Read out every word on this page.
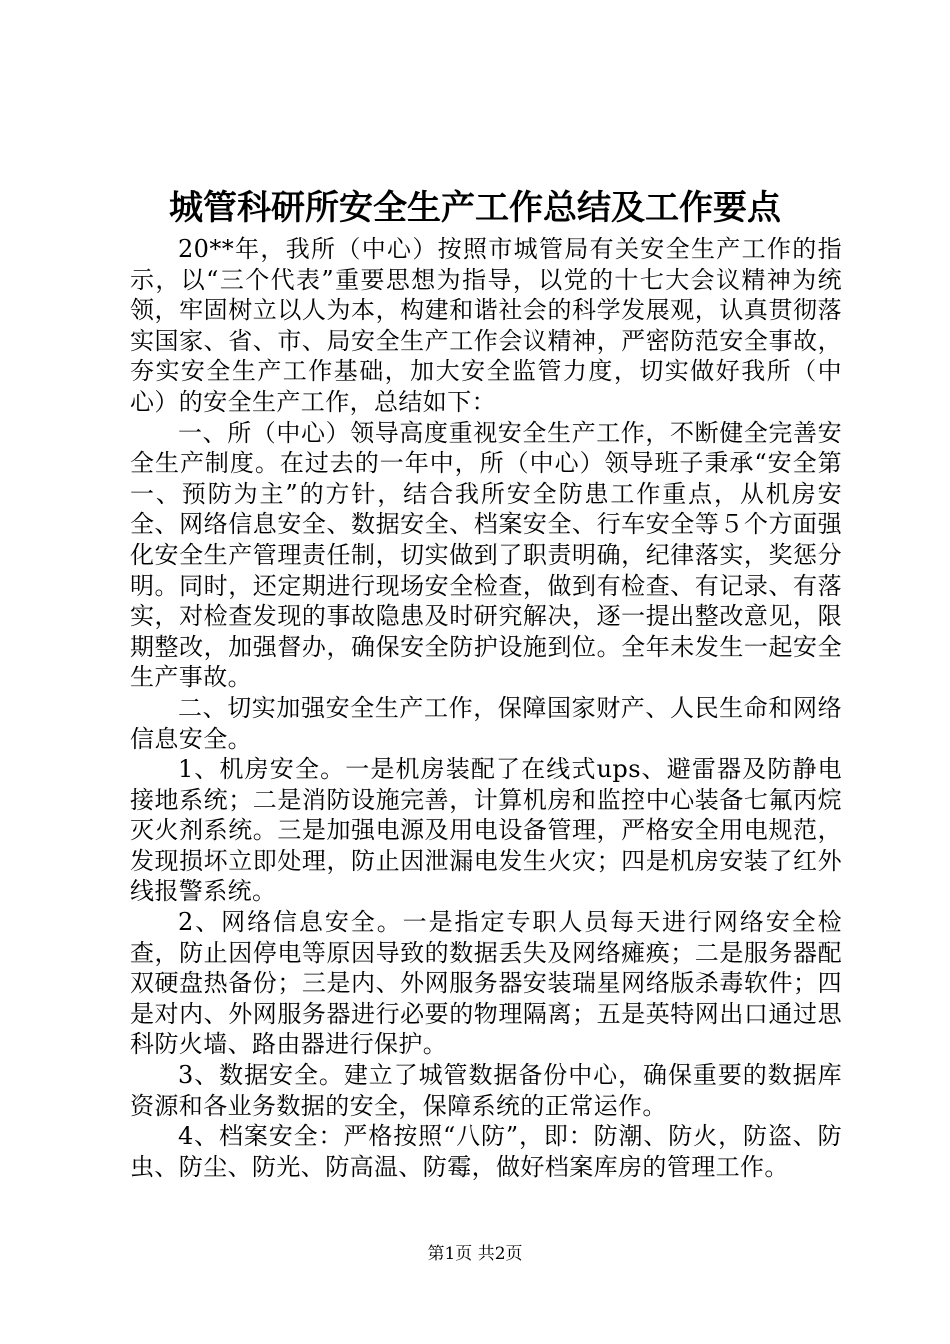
城管科研所安全生产工作总结及工作要点

20**年，我所（中心）按照市城管局有关安全生产工作的指示，以“三个代表”重要思想为指导，以党的十七大会议精神为统领，牢固树立以人为本，构建和谐社会的科学发展观，认真贯彻落实国家、省、市、局安全生产工作会议精神，严密防范安全事故，夯实安全生产工作基础，加大安全监管力度，切实做好我所（中心）的安全生产工作，总结如下：

一、所（中心）领导高度重视安全生产工作，不断健全完善安全生产制度。在过去的一年中，所（中心）领导班子秉承“安全第一、预防为主”的方针，结合我所安全防患工作重点，从机房安全、网络信息安全、数据安全、档案安全、行车安全等５个方面强化安全生产管理责任制，切实做到了职责明确，纪律落实，奖惩分明。同时，还定期进行现场安全检查，做到有检查、有记录、有落实，对检查发现的事故隐患及时研究解决，逐一提出整改意见，限期整改，加强督办，确保安全防护设施到位。全年未发生一起安全生产事故。

二、切实加强安全生产工作，保障国家财产、人民生命和网络信息安全。

1、机房安全。一是机房装配了在线式ups、避雷器及防静电接地系统；二是消防设施完善，计算机房和监控中心装备七氟丙烷灭火剂系统。三是加强电源及用电设备管理，严格安全用电规范，发现损坏立即处理，防止因泄漏电发生火灾；四是机房安装了红外线报警系统。

2、网络信息安全。一是指定专职人员每天进行网络安全检查，防止因停电等原因导致的数据丢失及网络瘫痪；二是服务器配双硬盘热备份；三是内、外网服务器安装瑞星网络版杀毒软件；四是对内、外网服务器进行必要的物理隔离；五是英特网出口通过思科防火墙、路由器进行保护。

3、数据安全。建立了城管数据备份中心，确保重要的数据库资源和各业务数据的安全，保障系统的正常运作。

4、档案安全：严格按照“八防”，即：防潮、防火，防盗、防虫、防尘、防光、防高温、防霉，做好档案库房的管理工作。

第1页 共2页
